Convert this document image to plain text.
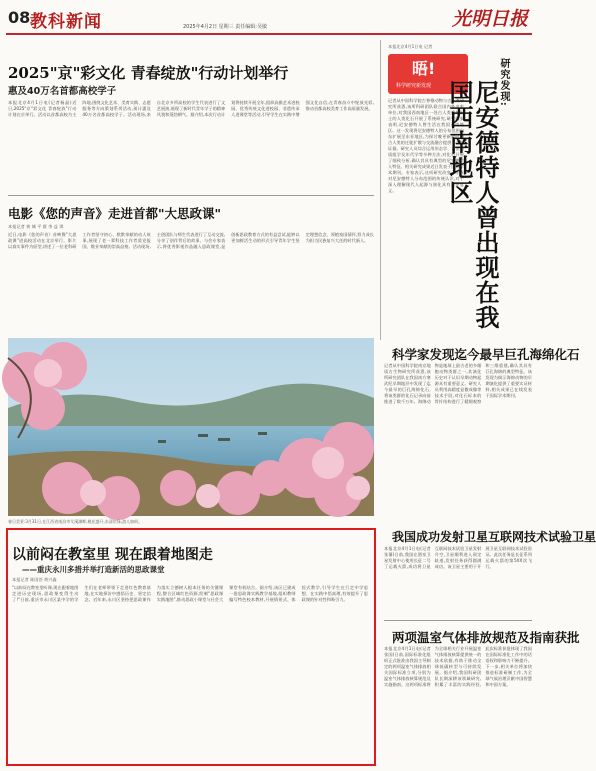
08 教科新闻	2025年4月2日 星期三 责任编辑:吴敏	光明日报
2025"京"彩文化 青春绽放"行动计划举行
惠及40万名首都高校学子
本报北京4月1日电(记者杨晶)近日,2025"京"彩文化 青春绽放"行动计划在京举行。活动以首都高校为主阵地,围绕文化艺术、美育实践、志愿服务等方向策划系列活动,预计惠及40万名首都高校学子。活动现场,来自北京多所高校的学生代表进行了文艺展演,展现了新时代青年学子的精神风貌和蓬勃朝气。据介绍,本次行动计划将持续开展全年,组织高雅艺术进校园、优秀传统文化进校园、非遗传承人进课堂等活动,引导学生在实践中增强文化自信,在青春奋斗中绽放光彩,推动首都高校美育工作高质量发展。
电影《您的声音》走进首都"大思政课"
本报记者 黄 城 平 群 李 益 琪
近日,电影《您的声音》首映暨"大思政课"进高校活动在北京举行。影片以真实事件为原型,讲述了一位老科研工作者坚守初心、默默奉献的动人故事,展现了老一辈科技工作者爱党报国、敬业奉献的崇高品格。活动现场,主创团队与师生代表进行了互动交流,分享了创作背后的故事。与会专家表示,将优秀影视作品融入思政课堂,是创新思政教育方式的有益尝试,能够以更加鲜活生动的形式引导青年学生坚定理想信念、厚植家国情怀,努力成长为担当民族复兴大任的时代新人。
春日美景:3月31日,在江西省南昌市艾溪湖畔,桃花盛开,水清岸绿,游人如织。
晤!
科学研究新发现
本报北京4月1日电 记者
记者从中国科学院古脊椎动物与古人类研究所获悉,该所科研团队联合国内外多家单位,对我国西南地区一处古人类遗址出土的人类化石开展了系统研究,研究结果表明,尼安德特人曾生活在我国西南地区。这一发现将尼安德特人的分布范围向东扩展至东亚地区,为探讨晚更新世时期古人类的迁徙扩散与交流融合提供了关键证据。研究人员综合运用形态学、古蛋白质组学及年代学等多种方法,对化石开展了细致分析,确认其具有典型的尼安德特人特征。相关研究成果近日发表于国际学术期刊。专家表示,这项研究改变了学界对尼安德特人分布范围的传统认识,对于深入理解现代人起源与演化具有重要意义。
研究发现:
尼安德特人曾出现在我国西南地区
科学家发现迄今最早巨孔海绵化石
记者从中国科学院南京地质古生物研究所获悉,该所研究团队在我国南方寒武纪早期地层中发现了迄今最早的巨孔海绵化石,将该类群的化石记录向前推进了数千万年。海绵动物是地球上最古老的多细胞动物类群之一,其演化历史对于认识早期动物起源具有重要意义。研究人员利用高精度显微成像等技术手段,对化石标本的骨针结构进行了精细观察和三维重建,确认其具有巨孔海绵的典型特征。该发现为揭示海绵动物的早期演化提供了重要实证材料,相关成果已在线发表于国际学术期刊。
以前闷在教室里 现在跟着地图走
——重庆永川多措并举打造新活的思政课堂
本报记者 陈国荟 黄兴鑫
"以前闷在教室里听课,现在跟着地图走进历史现场,思政课变得生动了!"日前,重庆市永川区某中学的学生们在老师带领下走进红色教育基地,在实地探访中感悟历史、坚定信念。近年来,永川区坚持把思政课作为落实立德树人根本任务的关键课程,整合区域红色资源,绘制"思政课实践地图",推动思政小课堂与社会大课堂有机结合。据介绍,该区已建成一批思政课实践教学基地,组织教师编写特色校本教材,开展情景式、体验式教学,引导学生在行走中学思想、在实践中悟真理,有效提升了思政课的针对性和吸引力。
我国成功发射卫星互联网技术试验卫星
本报北京4月1日电(记者张蕃)日前,我国在酒泉卫星发射中心使用长征二号丁运载火箭,成功将卫星互联网技术试验卫星发射升空,卫星顺利进入预定轨道,发射任务获得圆满成功。该卫星主要用于开展卫星互联网技术试验验证。此次任务是长征系列运载火箭的第5XX次飞行。
两项温室气体排放规范及指南获批
本报北京4月1日电(记者张国)日前,国际标准化组织正式批准由我国主导制定的两项温室气体排放相关国际标准立项,分别为温室气体排放核算规范及实施指南。这两项标准将为全球相关行业开展温室气体排放核算提供统一的技术依据,有助于推动全球低碳转型与可持续发展。据介绍,我国科研团队长期深耕该领域研究,积累了丰富的实践经验,此次标准获批体现了我国在国际标准化工作中的话语权和影响力不断提升。下一步,相关单位将加快推进标准研制工作,为全球气候治理贡献中国智慧和中国方案。
